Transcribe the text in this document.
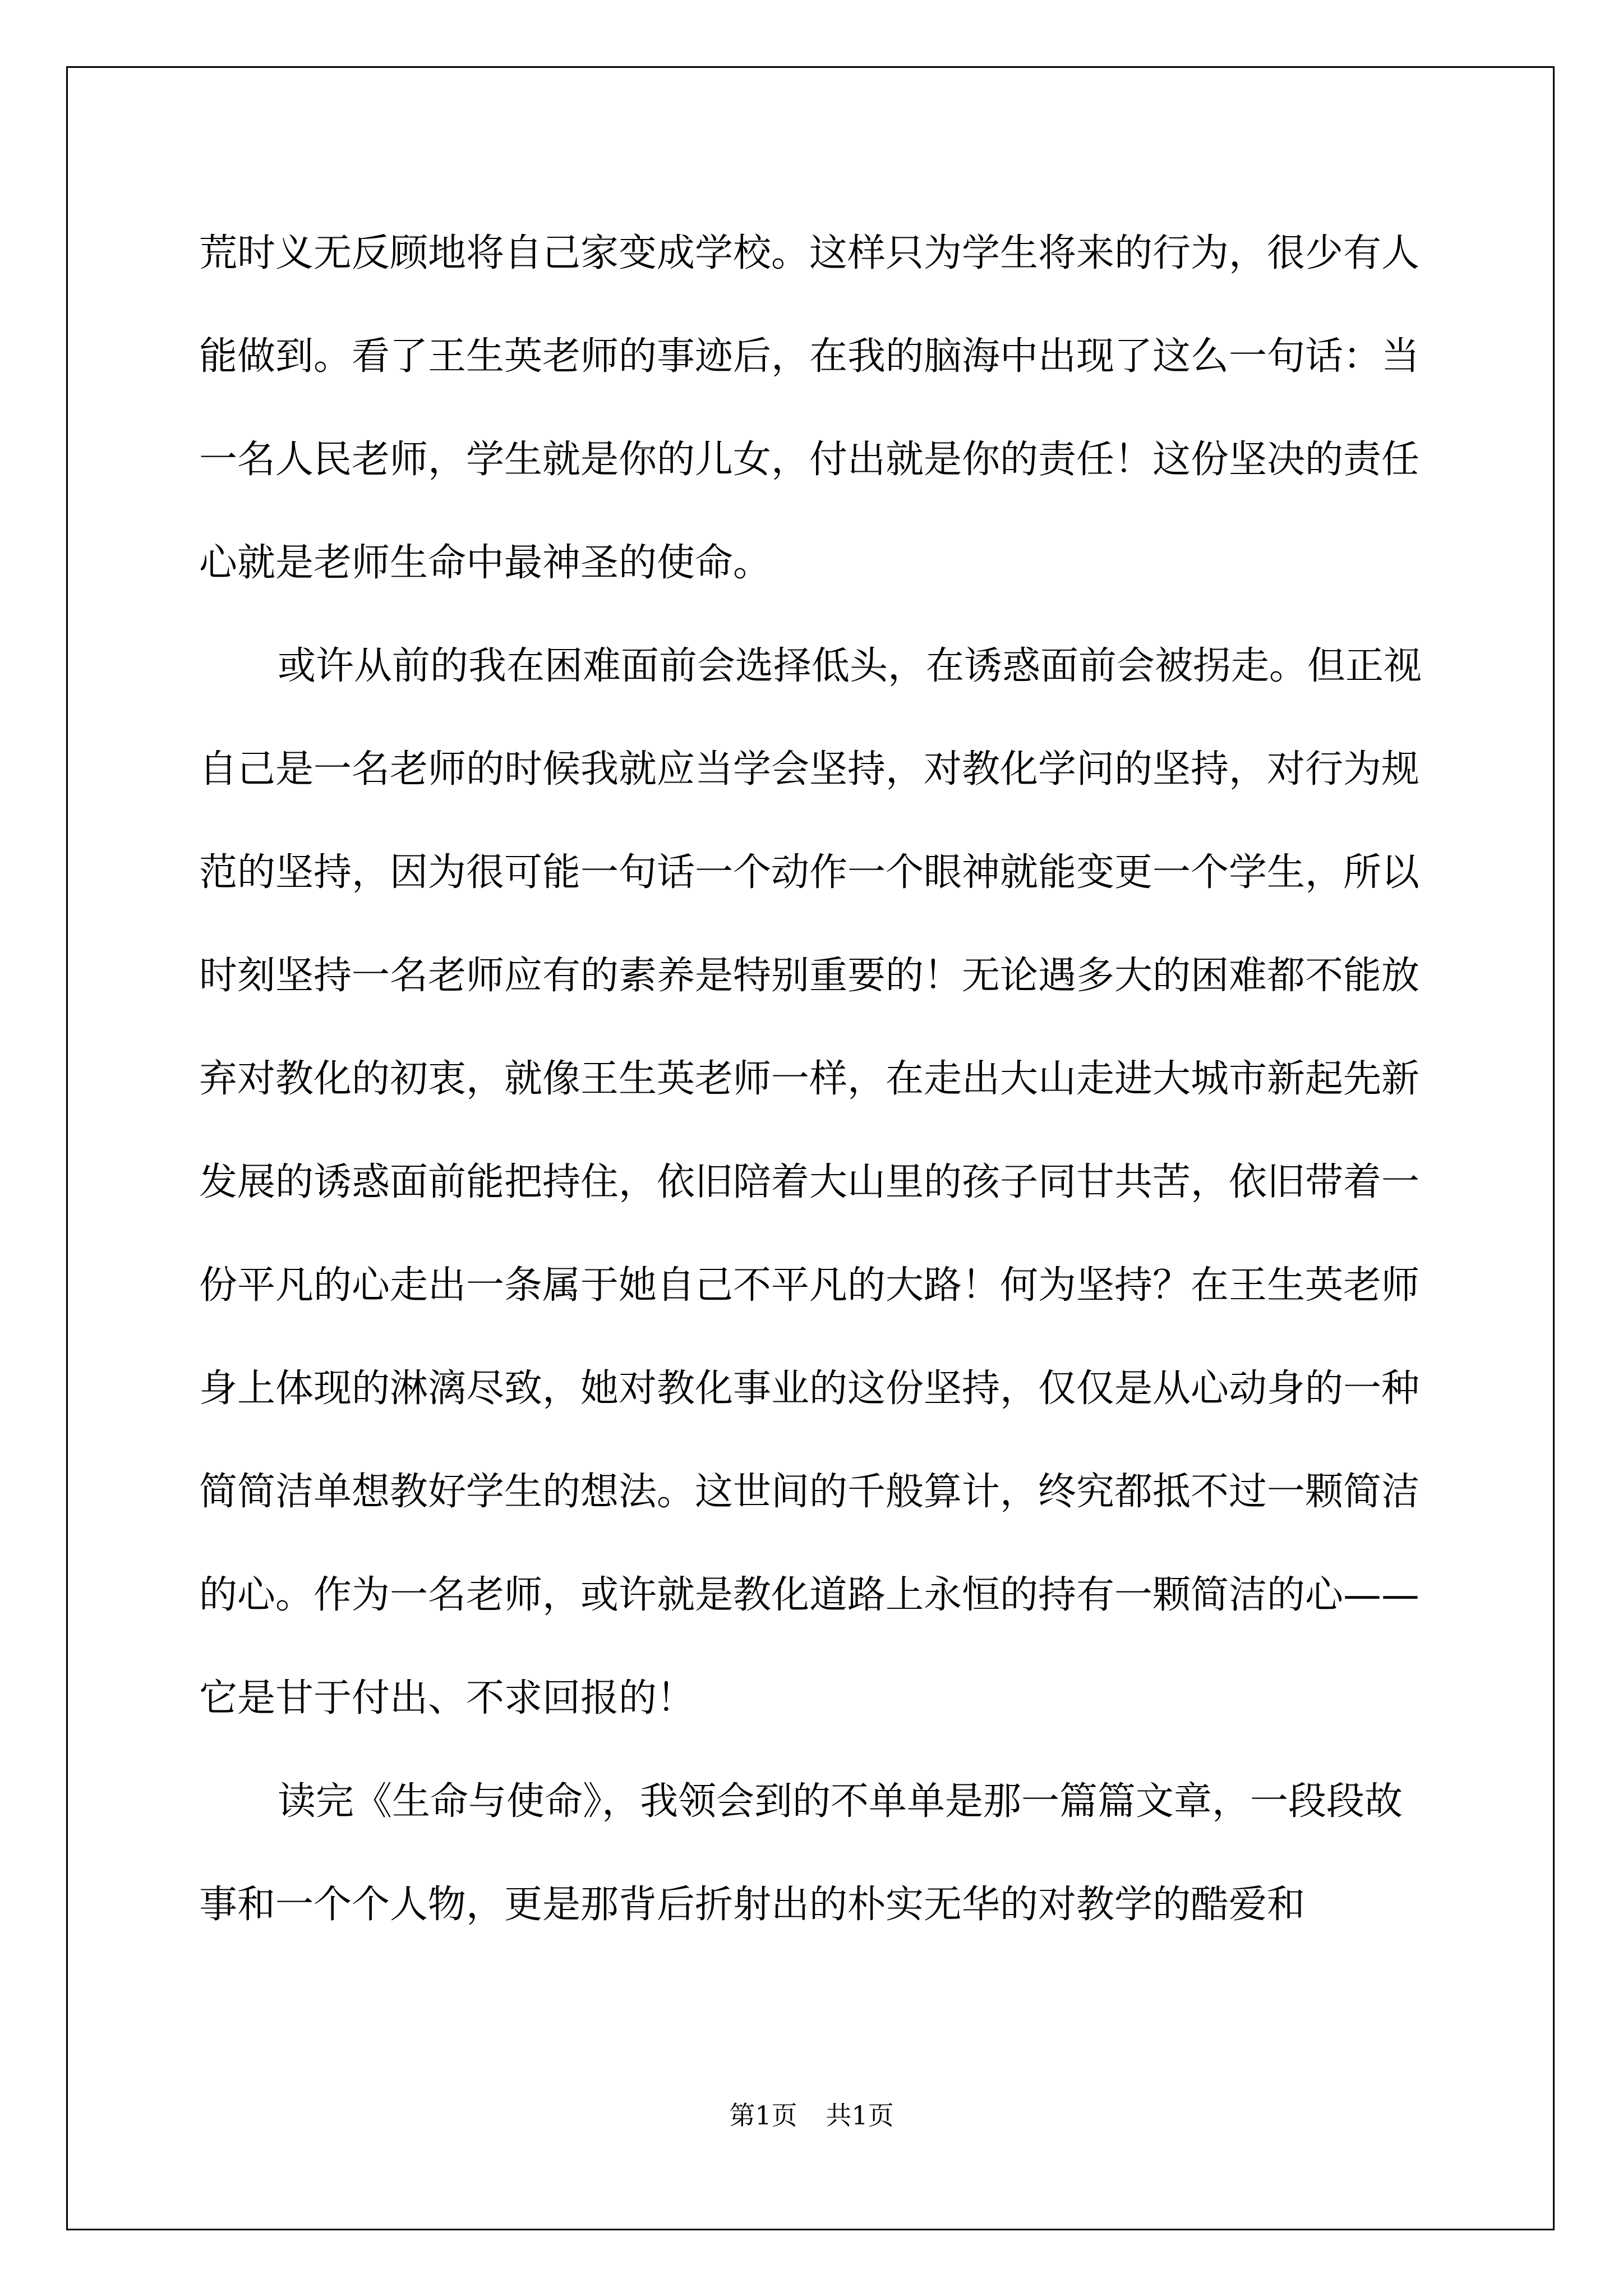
荒时义无反顾地将自己家变成学校。这样只为学生将来的行为，很少有人能做到。看了王生英老师的事迹后，在我的脑海中出现了这么一句话：当一名人民老师，学生就是你的儿女，付出就是你的责任！这份坚决的责任心就是老师生命中最神圣的使命。

或许从前的我在困难面前会选择低头，在诱惑面前会被拐走。但正视自己是一名老师的时候我就应当学会坚持，对教化学问的坚持，对行为规范的坚持，因为很可能一句话一个动作一个眼神就能变更一个学生，所以时刻坚持一名老师应有的素养是特别重要的！无论遇多大的困难都不能放弃对教化的初衷，就像王生英老师一样，在走出大山走进大城市新起先新发展的诱惑面前能把持住，依旧陪着大山里的孩子同甘共苦，依旧带着一份平凡的心走出一条属于她自己不平凡的大路！何为坚持？在王生英老师身上体现的淋漓尽致，她对教化事业的这份坚持，仅仅是从心动身的一种简简洁单想教好学生的想法。这世间的千般算计，终究都抵不过一颗简洁的心。作为一名老师，或许就是教化道路上永恒的持有一颗简洁的心——它是甘于付出、不求回报的！

读完《生命与使命》，我领会到的不单单是那一篇篇文章，一段段故事和一个个人物，更是那背后折射出的朴实无华的对教学的酷爱和

第1页 共1页
